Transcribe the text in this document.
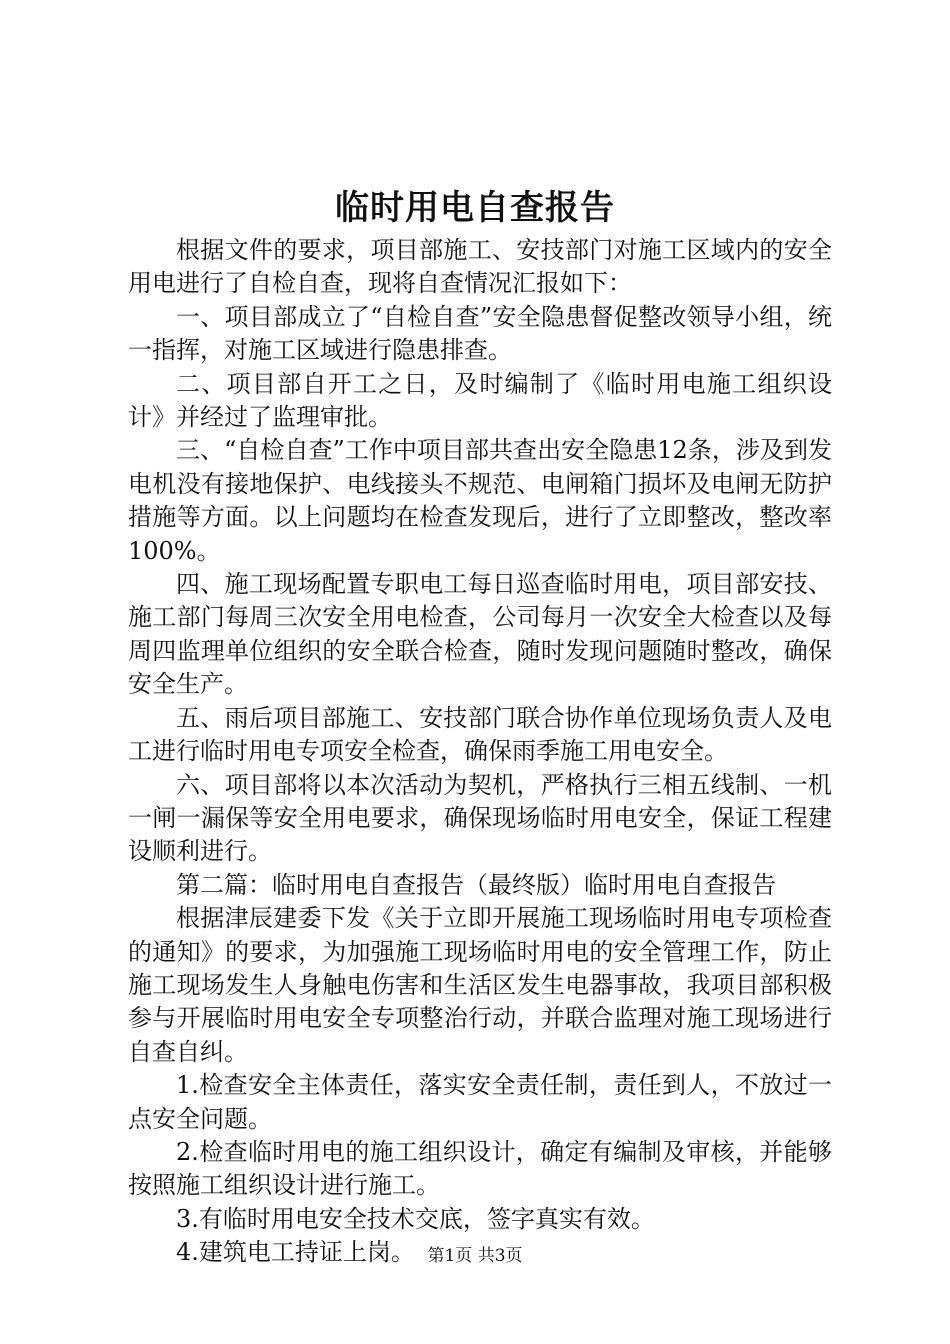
临时用电自查报告

根据文件的要求，项目部施工、安技部门对施工区域内的安全用电进行了自检自查，现将自查情况汇报如下：

一、项目部成立了“自检自查”安全隐患督促整改领导小组，统一指挥，对施工区域进行隐患排查。

二、项目部自开工之日，及时编制了《临时用电施工组织设计》并经过了监理审批。

三、“自检自查”工作中项目部共查出安全隐患12条，涉及到发电机没有接地保护、电线接头不规范、电闸箱门损坏及电闸无防护措施等方面。以上问题均在检查发现后，进行了立即整改，整改率100%。

四、施工现场配置专职电工每日巡查临时用电，项目部安技、施工部门每周三次安全用电检查，公司每月一次安全大检查以及每周四监理单位组织的安全联合检查，随时发现问题随时整改，确保安全生产。

五、雨后项目部施工、安技部门联合协作单位现场负责人及电工进行临时用电专项安全检查，确保雨季施工用电安全。

六、项目部将以本次活动为契机，严格执行三相五线制、一机一闸一漏保等安全用电要求，确保现场临时用电安全，保证工程建设顺利进行。

第二篇：临时用电自查报告（最终版）临时用电自查报告

根据津辰建委下发《关于立即开展施工现场临时用电专项检查的通知》的要求，为加强施工现场临时用电的安全管理工作，防止施工现场发生人身触电伤害和生活区发生电器事故，我项目部积极参与开展临时用电安全专项整治行动，并联合监理对施工现场进行自查自纠。

1.检查安全主体责任，落实安全责任制，责任到人，不放过一点安全问题。

2.检查临时用电的施工组织设计，确定有编制及审核，并能够按照施工组织设计进行施工。

3.有临时用电安全技术交底，签字真实有效。

4.建筑电工持证上岗。 第1页 共3页
